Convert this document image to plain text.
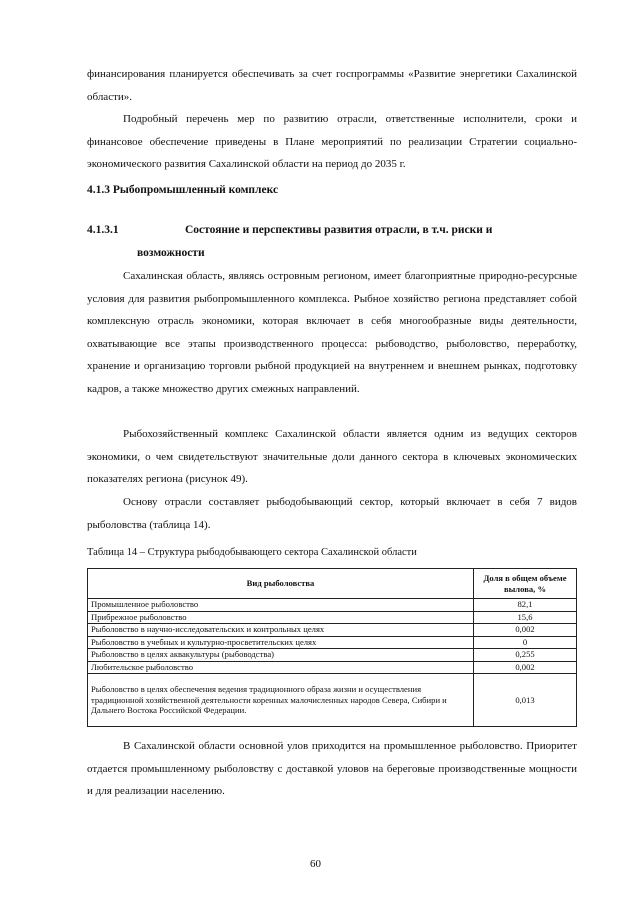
финансирования планируется обеспечивать за счет госпрограммы «Развитие энергетики Сахалинской области».

Подробный перечень мер по развитию отрасли, ответственные исполнители, сроки и финансовое обеспечение приведены в Плане мероприятий по реализации Стратегии социально-экономического развития Сахалинской области на период до 2035 г.

4.1.3 Рыбопромышленный комплекс

4.1.3.1	Состояние и перспективы развития отрасли, в т.ч. риски и
возможности

Сахалинская область, являясь островным регионом, имеет благоприятные природно-ресурсные условия для развития рыбопромышленного комплекса. Рыбное хозяйство региона представляет собой комплексную отрасль экономики, которая включает в себя многообразные виды деятельности, охватывающие все этапы производственного процесса: рыбоводство, рыболовство, переработку, хранение и организацию торговли рыбной продукцией на внутреннем и внешнем рынках, подготовку кадров, а также множество других смежных направлений.

Рыбохозяйственный комплекс Сахалинской области является одним из ведущих секторов экономики, о чем свидетельствуют значительные доли данного сектора в ключевых экономических показателях региона (рисунок 49).

Основу отрасли составляет рыбодобывающий сектор, который включает в себя 7 видов рыболовства (таблица 14).

Таблица 14 – Структура рыбодобывающего сектора Сахалинской области

Вид рыболовства	Доля в общем объеме вылова, %
Промышленное рыболовство	82,1
Прибрежное рыболовство	15,6
Рыболовство в научно-исследовательских и контрольных целях	0,002
Рыболовство в учебных и культурно-просветительских целях	0
Рыболовство в целях аквакультуры (рыбоводства)	0,255
Любительское рыболовство	0,002
Рыболовство в целях обеспечения ведения традиционного образа жизни и осуществления традиционной хозяйственной деятельности коренных малочисленных народов Севера, Сибири и Дальнего Востока Российской Федерации.	0,013

В Сахалинской области основной улов приходится на промышленное рыболовство. Приоритет отдается промышленному рыболовству с доставкой уловов на береговые производственные мощности и для реализации населению.

60
